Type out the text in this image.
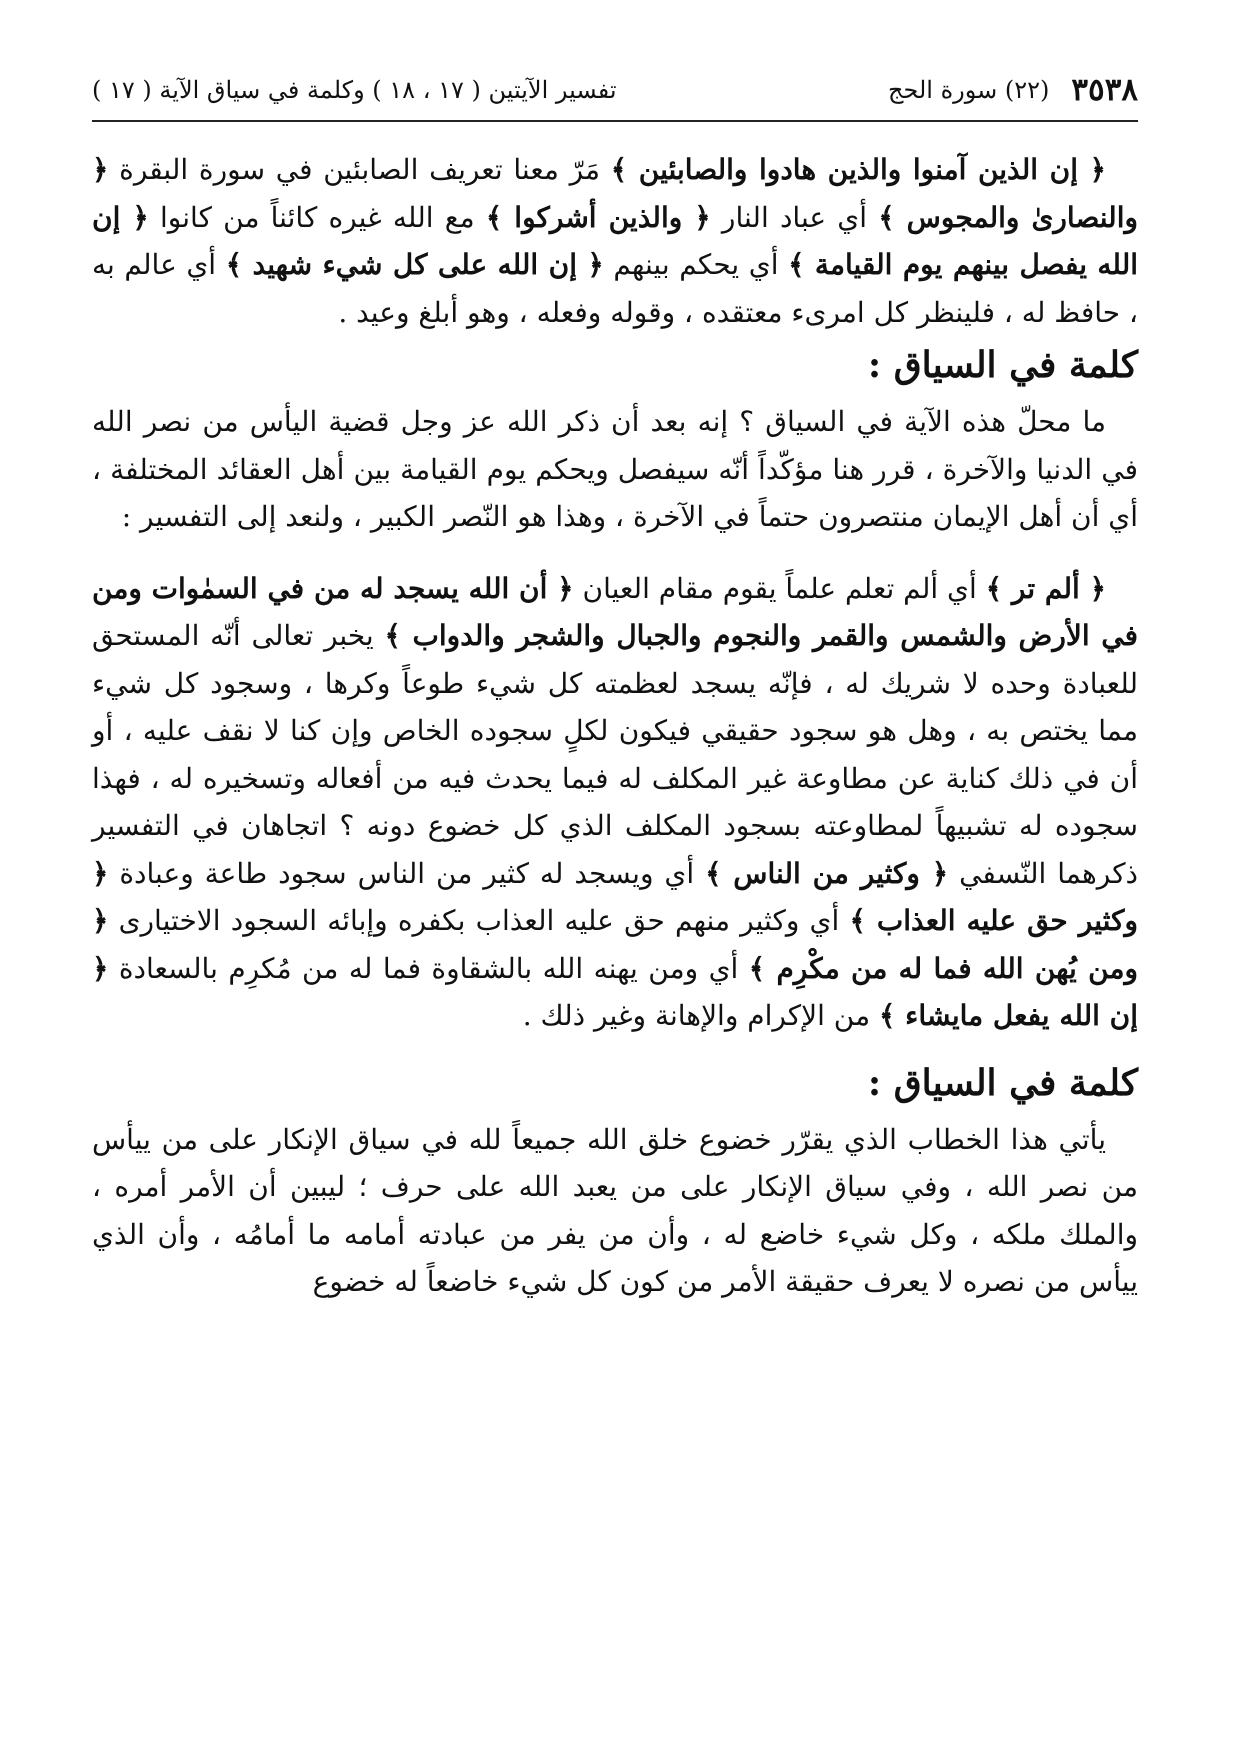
٣٥٣٨
(٢٢) سورة الحج
تفسير الآيتين ( ١٧ ، ١٨ ) وكلمة في سياق الآية ( ١٧ )

﴿ إن الذين آمنوا والذين هادوا والصابئين ﴾ مَرّ معنا تعريف الصابئين في سورة البقرة ﴿ والنصارىٰ والمجوس ﴾ أي عباد النار ﴿ والذين أشركوا ﴾ مع الله غيره كائناً من كانوا ﴿ إن الله يفصل بينهم يوم القيامة ﴾ أي يحكم بينهم ﴿ إن الله على كل شيء شهيد ﴾ أي عالم به ، حافظ له ، فلينظر كل امرىء معتقده ، وقوله وفعله ، وهو أبلغ وعيد .

كلمة في السياق :

ما محلّ هذه الآية في السياق ؟ إنه بعد أن ذكر الله عز وجل قضية اليأس من نصر الله في الدنيا والآخرة ، قرر هنا مؤكّداً أنّه سيفصل ويحكم يوم القيامة بين أهل العقائد المختلفة ، أي أن أهل الإيمان منتصرون حتماً في الآخرة ، وهذا هو النّصر الكبير ، ولنعد إلى التفسير :

﴿ ألم تر ﴾ أي ألم تعلم علماً يقوم مقام العيان ﴿ أن الله يسجد له من في السمٰوات ومن في الأرض والشمس والقمر والنجوم والجبال والشجر والدواب ﴾ يخبر تعالى أنّه المستحق للعبادة وحده لا شريك له ، فإنّه يسجد لعظمته كل شيء طوعاً وكرها ، وسجود كل شيء مما يختص به ، وهل هو سجود حقيقي فيكون لكلٍ سجوده الخاص وإن كنا لا نقف عليه ، أو أن في ذلك كناية عن مطاوعة غير المكلف له فيما يحدث فيه من أفعاله وتسخيره له ، فهذا سجوده له تشبيهاً لمطاوعته بسجود المكلف الذي كل خضوع دونه ؟ اتجاهان في التفسير ذكرهما النّسفي ﴿ وكثير من الناس ﴾ أي ويسجد له كثير من الناس سجود طاعة وعبادة ﴿ وكثير حق عليه العذاب ﴾ أي وكثير منهم حق عليه العذاب بكفره وإبائه السجود الاختيارى ﴿ ومن يُهن الله فما له من مكْرِم ﴾ أي ومن يهنه الله بالشقاوة فما له من مُكرِم بالسعادة ﴿ إن الله يفعل مايشاء ﴾ من الإكرام والإهانة وغير ذلك .

كلمة في السياق :

يأتي هذا الخطاب الذي يقرّر خضوع خلق الله جميعاً لله في سياق الإنكار على من ييأس من نصر الله ، وفي سياق الإنكار على من يعبد الله على حرف ؛ ليبين أن الأمر أمره ، والملك ملكه ، وكل شيء خاضع له ، وأن من يفر من عبادته أمامه ما أمامُه ، وأن الذي ييأس من نصره لا يعرف حقيقة الأمر من كون كل شيء خاضعاً له خضوع
